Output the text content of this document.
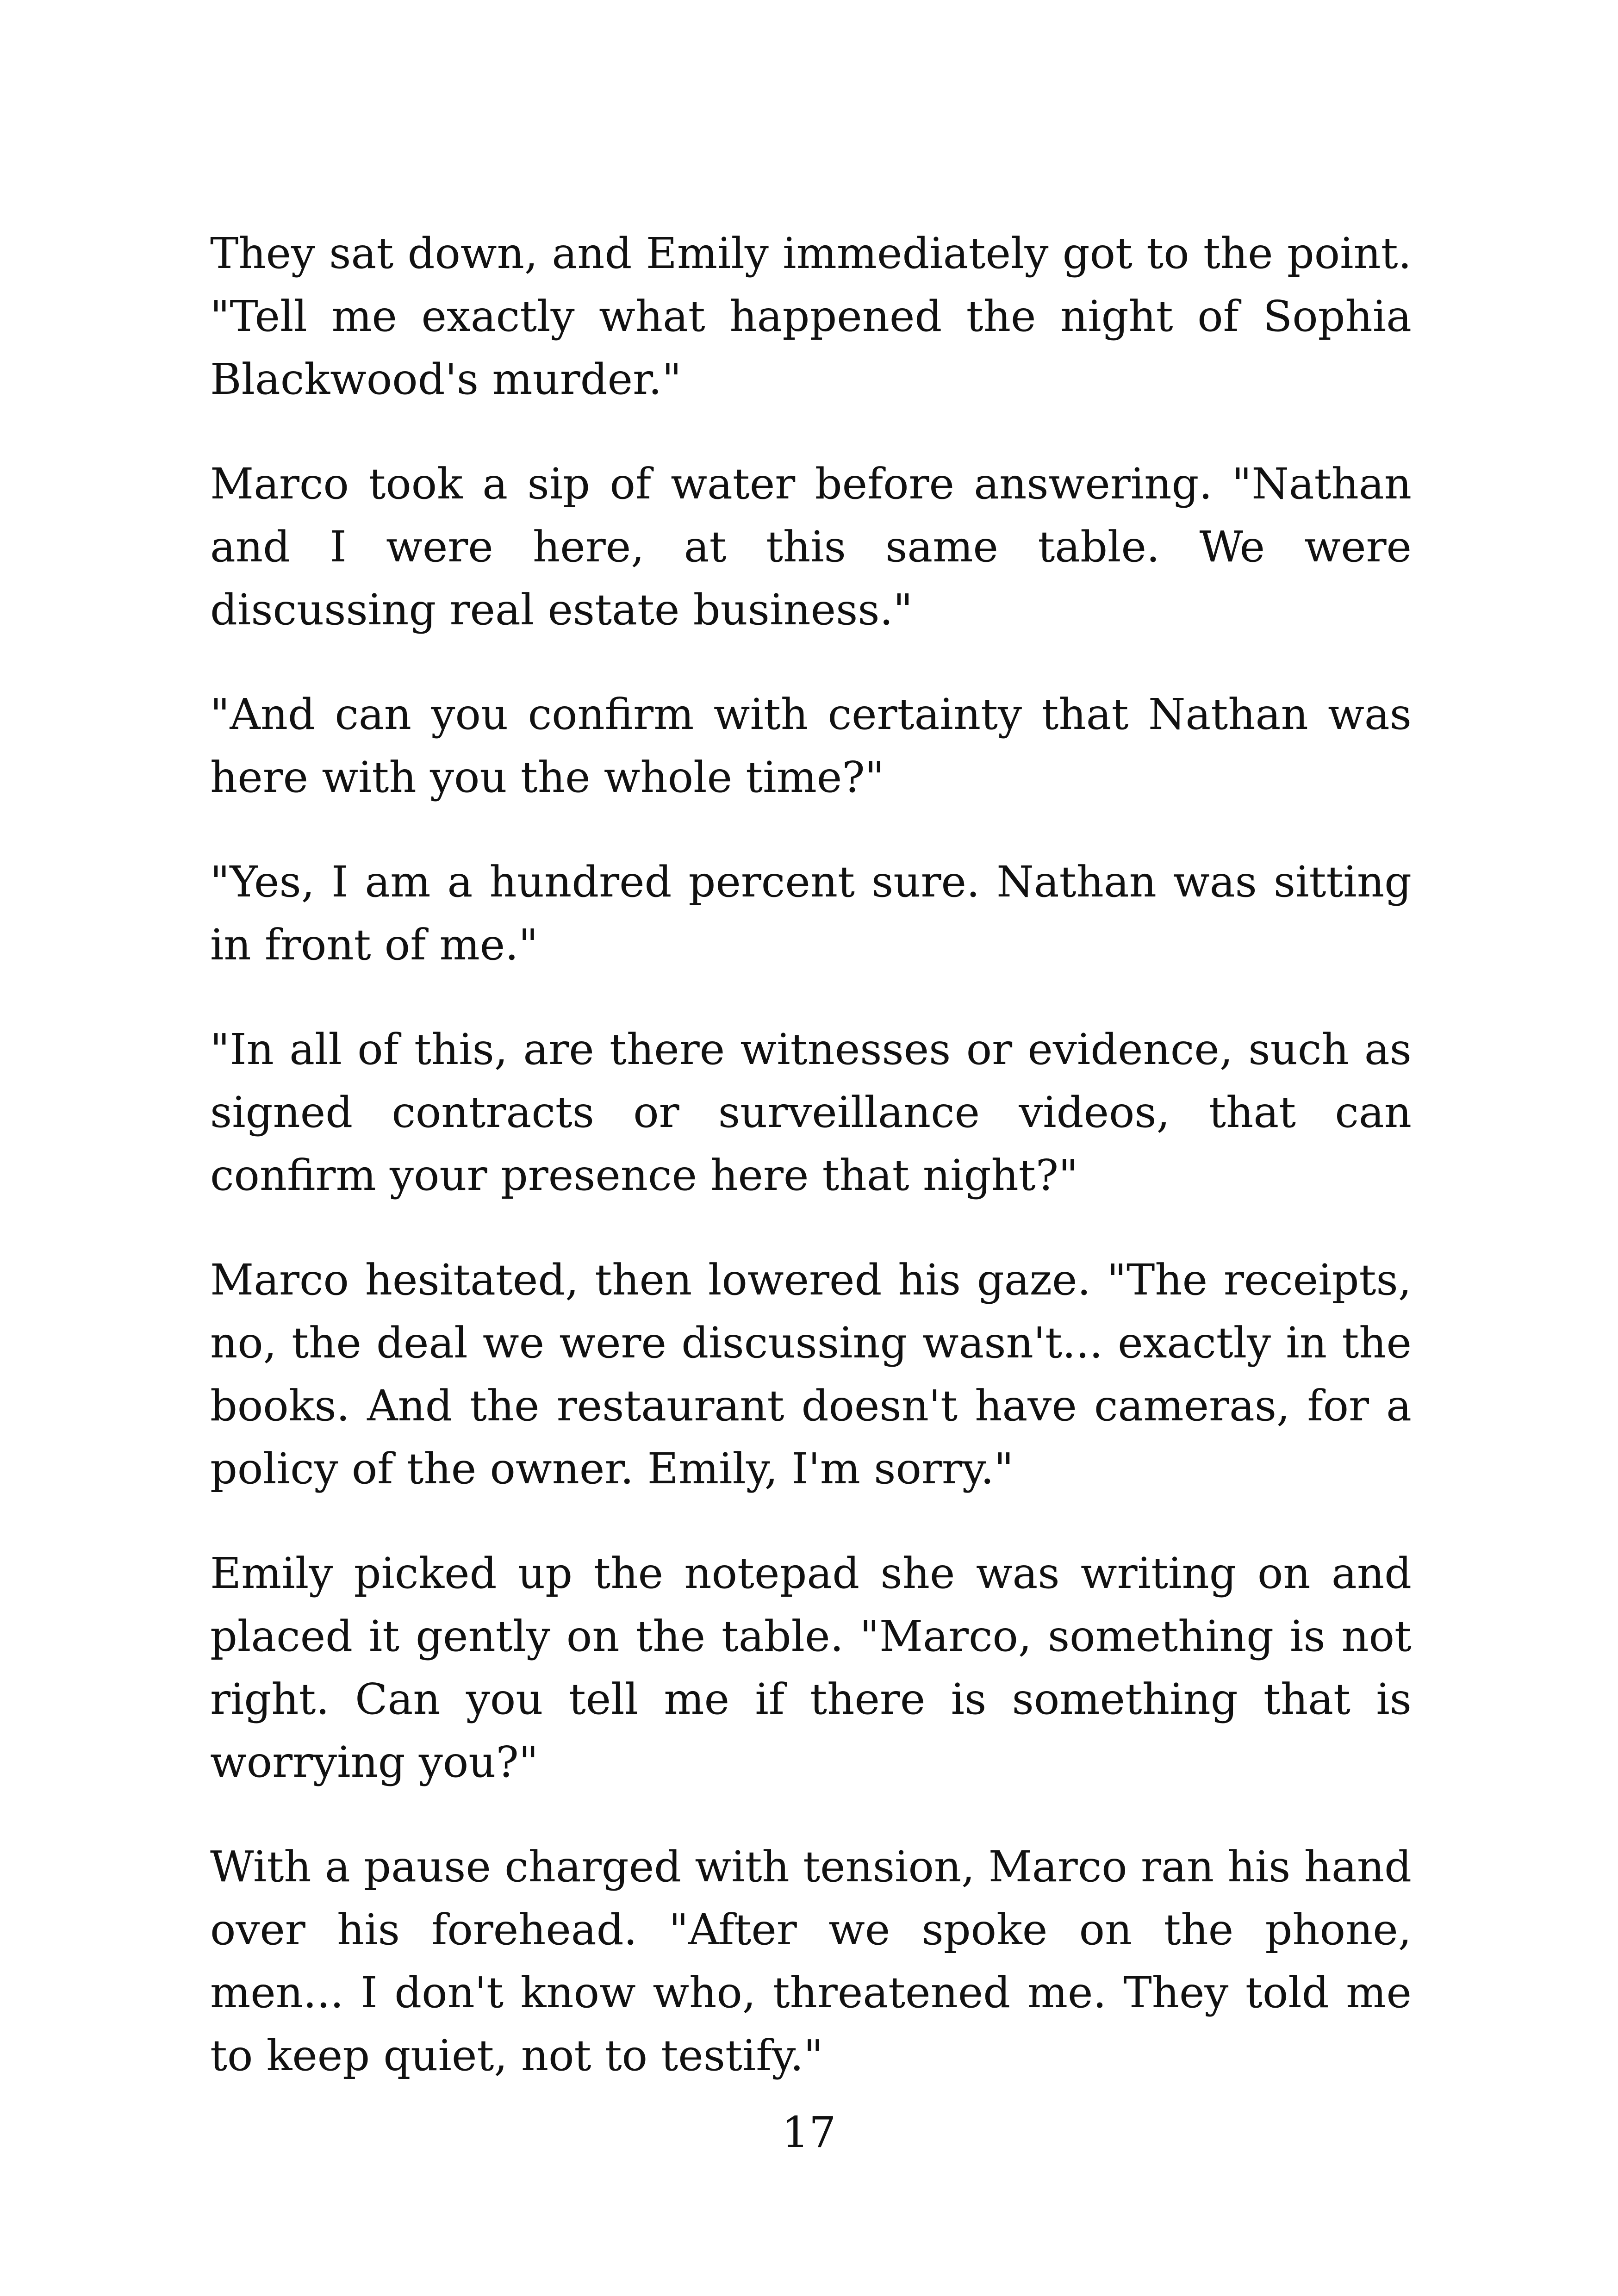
They sat down, and Emily immediately got to the point. "Tell me exactly what happened the night of Sophia Blackwood's murder."

Marco took a sip of water before answering. "Nathan and I were here, at this same table. We were discussing real estate business."

"And can you confirm with certainty that Nathan was here with you the whole time?"

"Yes, I am a hundred percent sure. Nathan was sitting in front of me."

"In all of this, are there witnesses or evidence, such as signed contracts or surveillance videos, that can confirm your presence here that night?"

Marco hesitated, then lowered his gaze. "The receipts, no, the deal we were discussing wasn't... exactly in the books. And the restaurant doesn't have cameras, for a policy of the owner. Emily, I'm sorry."

Emily picked up the notepad she was writing on and placed it gently on the table. "Marco, something is not right. Can you tell me if there is something that is worrying you?"

With a pause charged with tension, Marco ran his hand over his forehead. "After we spoke on the phone, men... I don't know who, threatened me. They told me to keep quiet, not to testify."

17
